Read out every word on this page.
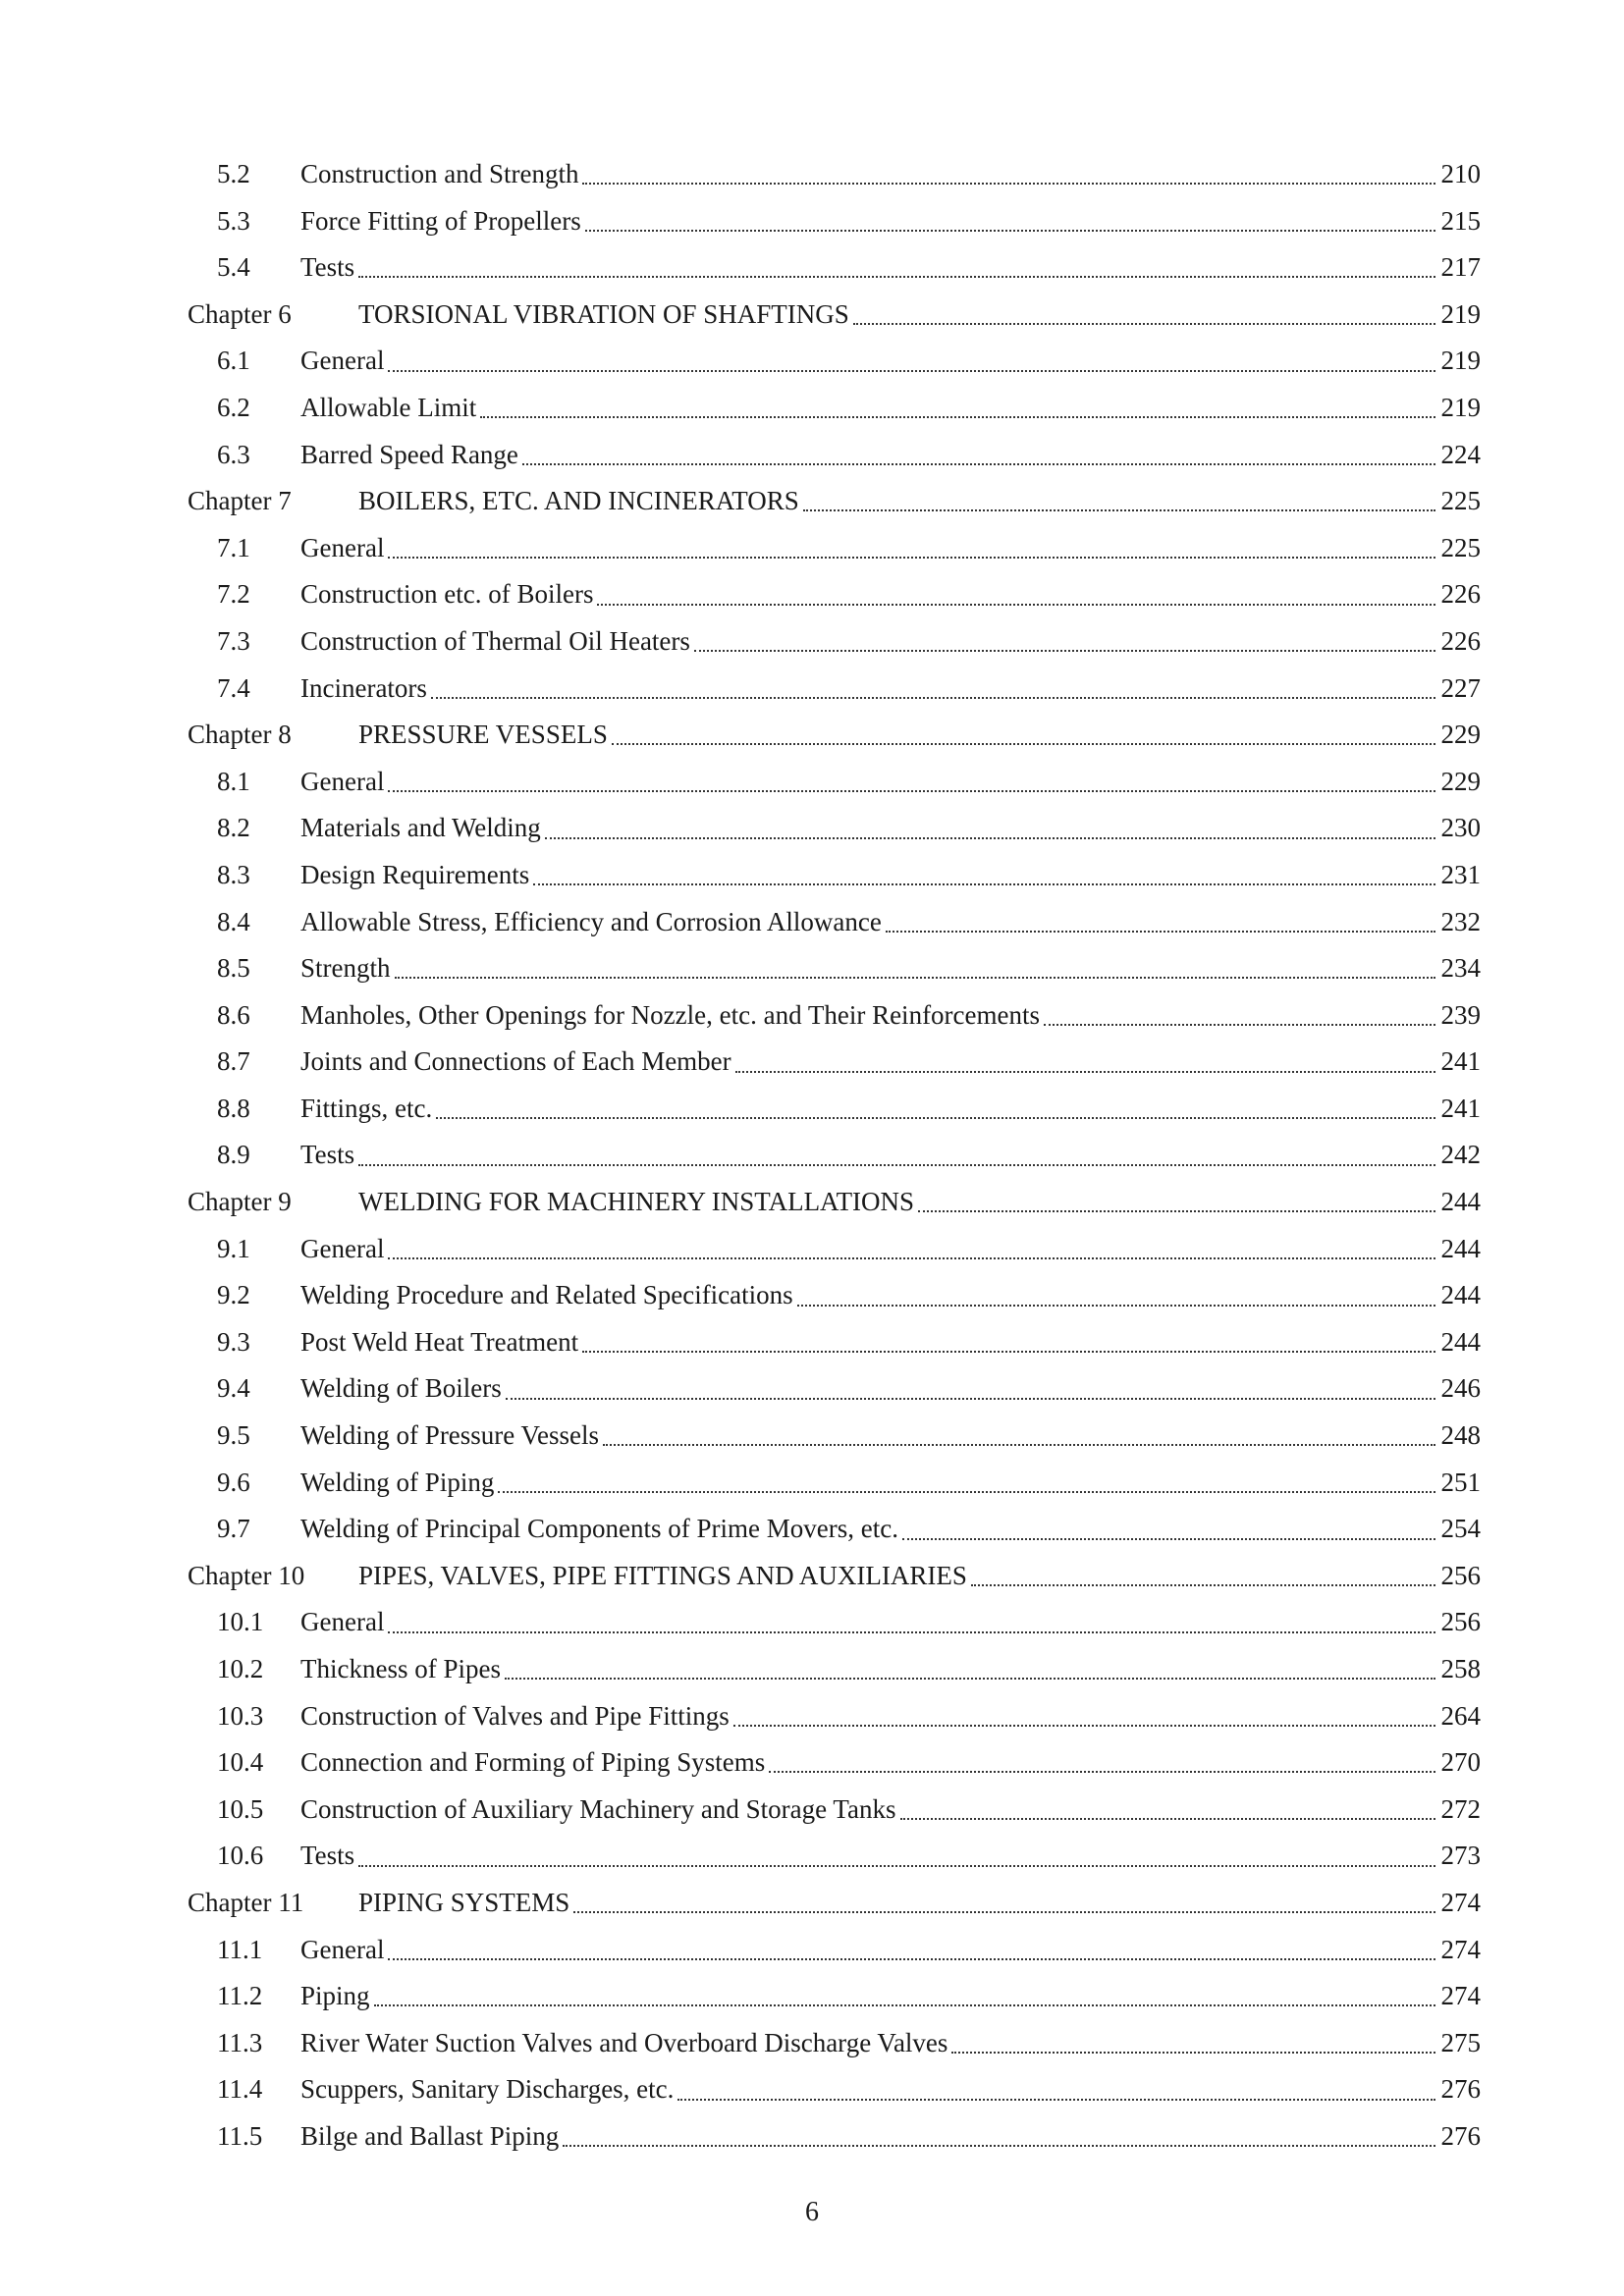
5.2 Construction and Strength	210
5.3 Force Fitting of Propellers	215
5.4 Tests	217
Chapter 6	TORSIONAL VIBRATION OF SHAFTINGS	219
6.1 General	219
6.2 Allowable Limit	219
6.3 Barred Speed Range	224
Chapter 7	BOILERS, ETC. AND INCINERATORS	225
7.1 General	225
7.2 Construction etc. of Boilers	226
7.3 Construction of Thermal Oil Heaters	226
7.4 Incinerators	227
Chapter 8	PRESSURE VESSELS	229
8.1 General	229
8.2 Materials and Welding	230
8.3 Design Requirements	231
8.4 Allowable Stress, Efficiency and Corrosion Allowance	232
8.5 Strength	234
8.6 Manholes, Other Openings for Nozzle, etc. and Their Reinforcements	239
8.7 Joints and Connections of Each Member	241
8.8 Fittings, etc.	241
8.9 Tests	242
Chapter 9	WELDING FOR MACHINERY INSTALLATIONS	244
9.1 General	244
9.2 Welding Procedure and Related Specifications	244
9.3 Post Weld Heat Treatment	244
9.4 Welding of Boilers	246
9.5 Welding of Pressure Vessels	248
9.6 Welding of Piping	251
9.7 Welding of Principal Components of Prime Movers, etc.	254
Chapter 10 PIPES, VALVES, PIPE FITTINGS AND AUXILIARIES	256
10.1 General	256
10.2 Thickness of Pipes	258
10.3 Construction of Valves and Pipe Fittings	264
10.4 Connection and Forming of Piping Systems	270
10.5 Construction of Auxiliary Machinery and Storage Tanks	272
10.6 Tests	273
Chapter 11 PIPING SYSTEMS	274
11.1 General	274
11.2 Piping	274
11.3 River Water Suction Valves and Overboard Discharge Valves	275
11.4 Scuppers, Sanitary Discharges, etc.	276
11.5 Bilge and Ballast Piping	276
6
